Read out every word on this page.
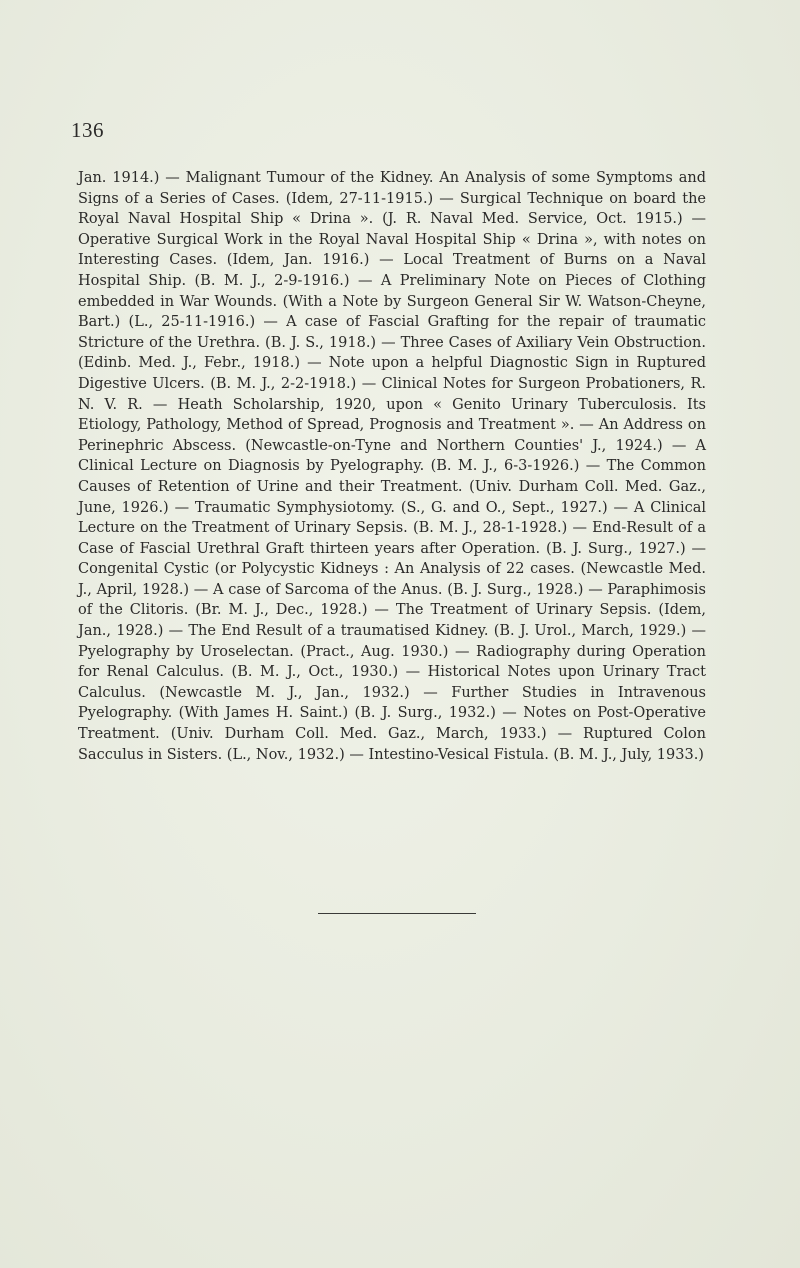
136

Jan. 1914.) — Malignant Tumour of the Kidney. An Analysis of some Symptoms and Signs of a Series of Cases. (Idem, 27-11-1915.) — Surgical Technique on board the Royal Naval Hospital Ship « Drina ». (J. R. Naval Med. Service, Oct. 1915.) — Operative Surgical Work in the Royal Naval Hospital Ship « Drina », with notes on Interesting Cases. (Idem, Jan. 1916.) — Local Treatment of Burns on a Naval Hospital Ship. (B. M. J., 2-9-1916.) — A Preliminary Note on Pieces of Clothing embedded in War Wounds. (With a Note by Surgeon General Sir W. Watson-Cheyne, Bart.) (L., 25-11-1916.) — A case of Fascial Grafting for the repair of traumatic Stricture of the Urethra. (B. J. S., 1918.) — Three Cases of Axiliary Vein Obstruction. (Edinb. Med. J., Febr., 1918.) — Note upon a helpful Diagnostic Sign in Ruptured Digestive Ulcers. (B. M. J., 2-2-1918.) — Clinical Notes for Surgeon Probationers, R. N. V. R. — Heath Scholarship, 1920, upon « Genito Urinary Tuberculosis. Its Etiology, Pathology, Method of Spread, Prognosis and Treatment ». — An Address on Perinephric Abscess. (Newcastle-on-Tyne and Northern Counties' J., 1924.) — A Clinical Lecture on Diagnosis by Pyelography. (B. M. J., 6-3-1926.) — The Common Causes of Retention of Urine and their Treatment. (Univ. Durham Coll. Med. Gaz., June, 1926.) — Traumatic Symphysiotomy. (S., G. and O., Sept., 1927.) — A Clinical Lecture on the Treatment of Urinary Sepsis. (B. M. J., 28-1-1928.) — End-Result of a Case of Fascial Urethral Graft thirteen years after Operation. (B. J. Surg., 1927.) — Congenital Cystic (or Polycystic Kidneys : An Analysis of 22 cases. (Newcastle Med. J., April, 1928.) — A case of Sarcoma of the Anus. (B. J. Surg., 1928.) — Paraphimosis of the Clitoris. (Br. M. J., Dec., 1928.) — The Treatment of Urinary Sepsis. (Idem, Jan., 1928.) — The End Result of a traumatised Kidney. (B. J. Urol., March, 1929.) — Pyelography by Uroselectan. (Pract., Aug. 1930.) — Radiography during Operation for Renal Calculus. (B. M. J., Oct., 1930.) — Historical Notes upon Urinary Tract Calculus. (Newcastle M. J., Jan., 1932.) — Further Studies in Intravenous Pyelography. (With James H. Saint.) (B. J. Surg., 1932.) — Notes on Post-Operative Treatment. (Univ. Durham Coll. Med. Gaz., March, 1933.) — Ruptured Colon Sacculus in Sisters. (L., Nov., 1932.) — Intestino-Vesical Fistula. (B. M. J., July, 1933.)
